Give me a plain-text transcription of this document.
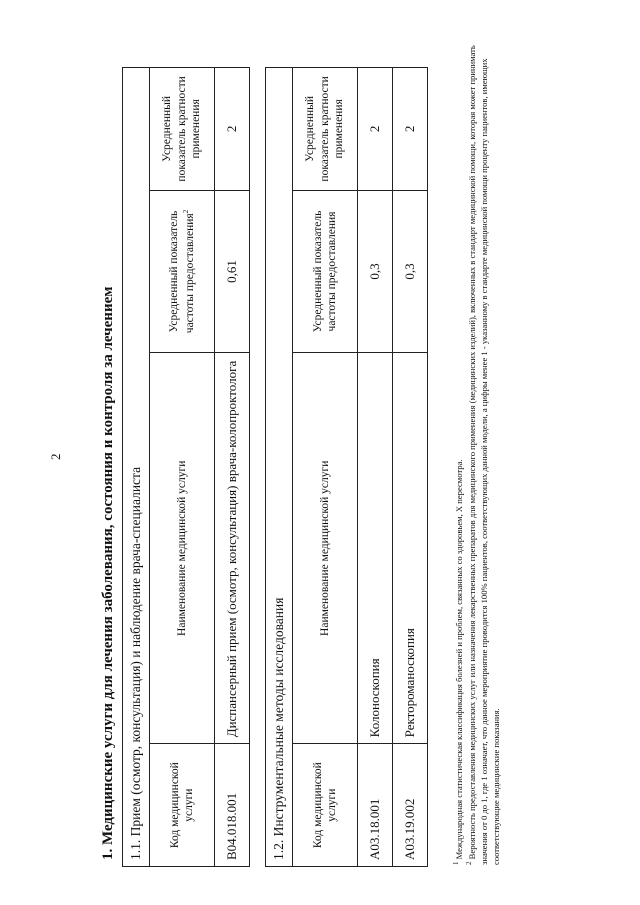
2 1. Медицинские услуги для лечения заболевания, состояния и контроля за лечением 1.1. Прием (осмотр, консультация) и наблюдение врача-специалиста			
Код медицинской услуги	Наименование медицинской услуги	Усредненный показатель частоты предоставления$^2$	Усредненный показатель кратности применения
B04.018.001	Диспансерный прием (осмотр, консультация) врача-колопроктолога	0,61	2
1.2. Инструментальные методы исследования			
Код медицинской услуги	Наименование медицинской услуги	Усредненный показатель частоты предоставления	Усредненный показатель кратности применения
A03.18.001	Колоноскопия	0,3	2
A03.19.002	Ректороманоскопия	0,3	2

$^1$ Международная статистическая классификация болезней и проблем, связанных со здоровьем, X пересмотра.

$^2$ Вероятность предоставления медицинских услуг или назначения лекарственных препаратов для медицинского применения (медицинских изделий), включенных в стандарт медицинской помощи, которая может принимать значения от 0 до 1, где 1 означает, что данное мероприятие проводится 100% пациентов, соответствующих данной модели, а цифры менее 1 - указанному в стандарте медицинской помощи проценту пациентов, имеющих соответствующие медицинские показания.
